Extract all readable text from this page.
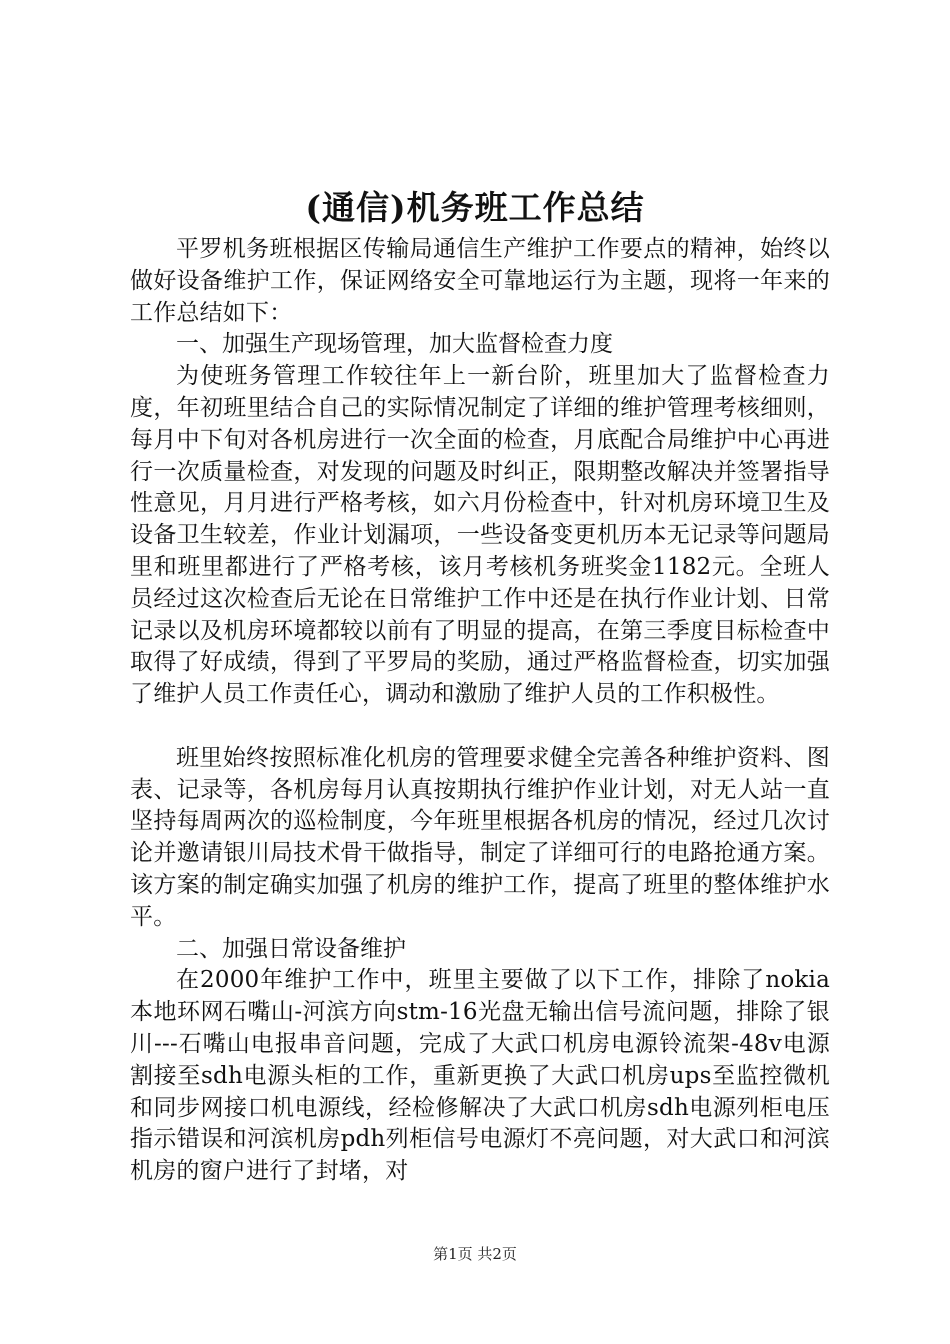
(通信)机务班工作总结

平罗机务班根据区传输局通信生产维护工作要点的精神，始终以做好设备维护工作，保证网络安全可靠地运行为主题，现将一年来的工作总结如下：

一、加强生产现场管理，加大监督检查力度

为使班务管理工作较往年上一新台阶，班里加大了监督检查力度，年初班里结合自己的实际情况制定了详细的维护管理考核细则，每月中下旬对各机房进行一次全面的检查，月底配合局维护中心再进行一次质量检查，对发现的问题及时纠正，限期整改解决并签署指导性意见，月月进行严格考核，如六月份检查中，针对机房环境卫生及设备卫生较差，作业计划漏项，一些设备变更机历本无记录等问题局里和班里都进行了严格考核，该月考核机务班奖金1182元。全班人员经过这次检查后无论在日常维护工作中还是在执行作业计划、日常记录以及机房环境都较以前有了明显的提高，在第三季度目标检查中取得了好成绩，得到了平罗局的奖励，通过严格监督检查，切实加强了维护人员工作责任心，调动和激励了维护人员的工作积极性。

班里始终按照标准化机房的管理要求健全完善各种维护资料、图表、记录等，各机房每月认真按期执行维护作业计划，对无人站一直坚持每周两次的巡检制度，今年班里根据各机房的情况，经过几次讨论并邀请银川局技术骨干做指导，制定了详细可行的电路抢通方案。该方案的制定确实加强了机房的维护工作，提高了班里的整体维护水平。

二、加强日常设备维护

在2000年维护工作中，班里主要做了以下工作，排除了nokia本地环网石嘴山-河滨方向stm-16光盘无输出信号流问题，排除了银川---石嘴山电报串音问题，完成了大武口机房电源铃流架-48v电源割接至sdh电源头柜的工作，重新更换了大武口机房ups至监控微机和同步网接口机电源线，经检修解决了大武口机房sdh电源列柜电压指示错误和河滨机房pdh列柜信号电源灯不亮问题，对大武口和河滨机房的窗户进行了封堵，对

第1页 共2页
